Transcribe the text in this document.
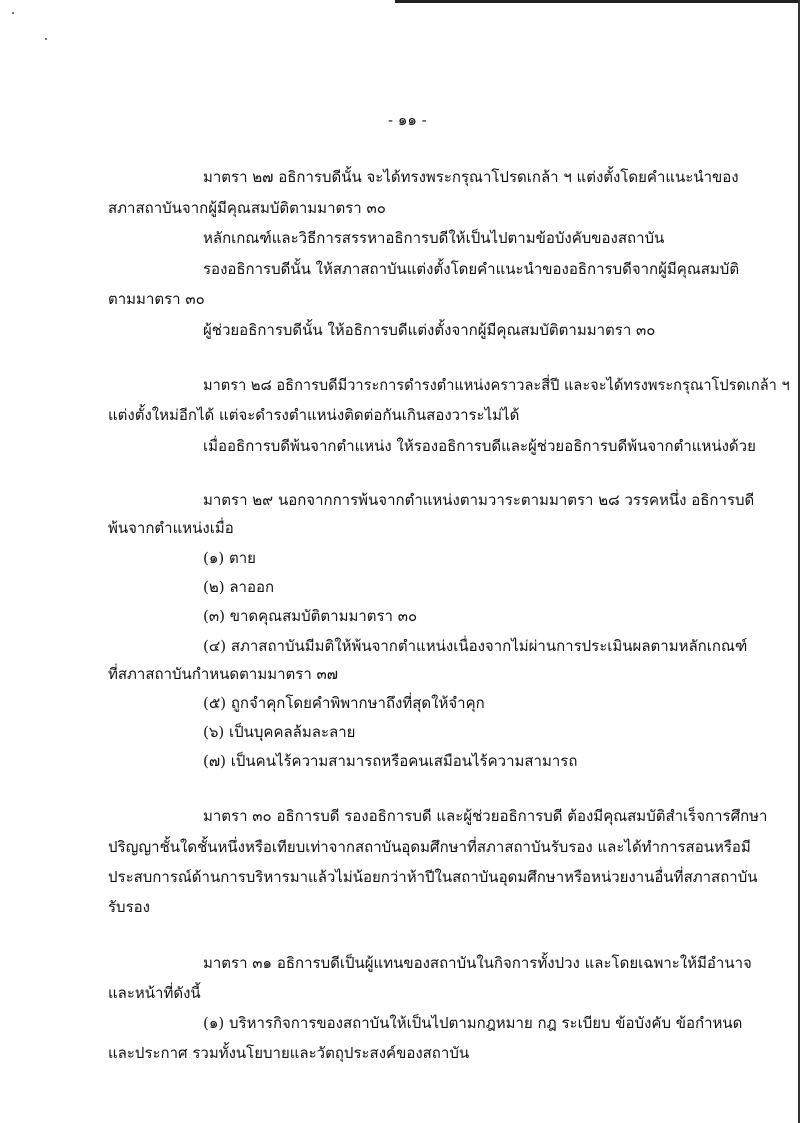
- ๑๑ -
มาตรา ๒๗ อธิการบดีนั้น จะได้ทรงพระกรุณาโปรดเกล้า ฯ แต่งตั้งโดยคำแนะนำของ
สภาสถาบันจากผู้มีคุณสมบัติตามมาตรา ๓๐
หลักเกณฑ์และวิธีการสรรหาอธิการบดีให้เป็นไปตามข้อบังคับของสถาบัน
รองอธิการบดีนั้น ให้สภาสถาบันแต่งตั้งโดยคำแนะนำของอธิการบดีจากผู้มีคุณสมบัติ
ตามมาตรา ๓๐
ผู้ช่วยอธิการบดีนั้น ให้อธิการบดีแต่งตั้งจากผู้มีคุณสมบัติตามมาตรา ๓๐
มาตรา ๒๘ อธิการบดีมีวาระการดำรงตำแหน่งคราวละสี่ปี และจะได้ทรงพระกรุณาโปรดเกล้า ฯ
แต่งตั้งใหม่อีกได้ แต่จะดำรงตำแหน่งติดต่อกันเกินสองวาระไม่ได้
เมื่ออธิการบดีพ้นจากตำแหน่ง ให้รองอธิการบดีและผู้ช่วยอธิการบดีพ้นจากตำแหน่งด้วย
มาตรา ๒๙ นอกจากการพ้นจากตำแหน่งตามวาระตามมาตรา ๒๘ วรรคหนึ่ง อธิการบดี
พ้นจากตำแหน่งเมื่อ
(๑) ตาย
(๒) ลาออก
(๓) ขาดคุณสมบัติตามมาตรา ๓๐
(๔) สภาสถาบันมีมติให้พ้นจากตำแหน่งเนื่องจากไม่ผ่านการประเมินผลตามหลักเกณฑ์
ที่สภาสถาบันกำหนดตามมาตรา ๓๗
(๕) ถูกจำคุกโดยคำพิพากษาถึงที่สุดให้จำคุก
(๖) เป็นบุคคลล้มละลาย
(๗) เป็นคนไร้ความสามารถหรือคนเสมือนไร้ความสามารถ
มาตรา ๓๐ อธิการบดี รองอธิการบดี และผู้ช่วยอธิการบดี ต้องมีคุณสมบัติสำเร็จการศึกษา
ปริญญาชั้นใดชั้นหนึ่งหรือเทียบเท่าจากสถาบันอุดมศึกษาที่สภาสถาบันรับรอง และได้ทำการสอนหรือมี
ประสบการณ์ด้านการบริหารมาแล้วไม่น้อยกว่าห้าปีในสถาบันอุดมศึกษาหรือหน่วยงานอื่นที่สภาสถาบัน
รับรอง
มาตรา ๓๑ อธิการบดีเป็นผู้แทนของสถาบันในกิจการทั้งปวง และโดยเฉพาะให้มีอำนาจ
และหน้าที่ดังนี้
(๑) บริหารกิจการของสถาบันให้เป็นไปตามกฎหมาย กฎ ระเบียบ ข้อบังคับ ข้อกำหนด
และประกาศ รวมทั้งนโยบายและวัตถุประสงค์ของสถาบัน
